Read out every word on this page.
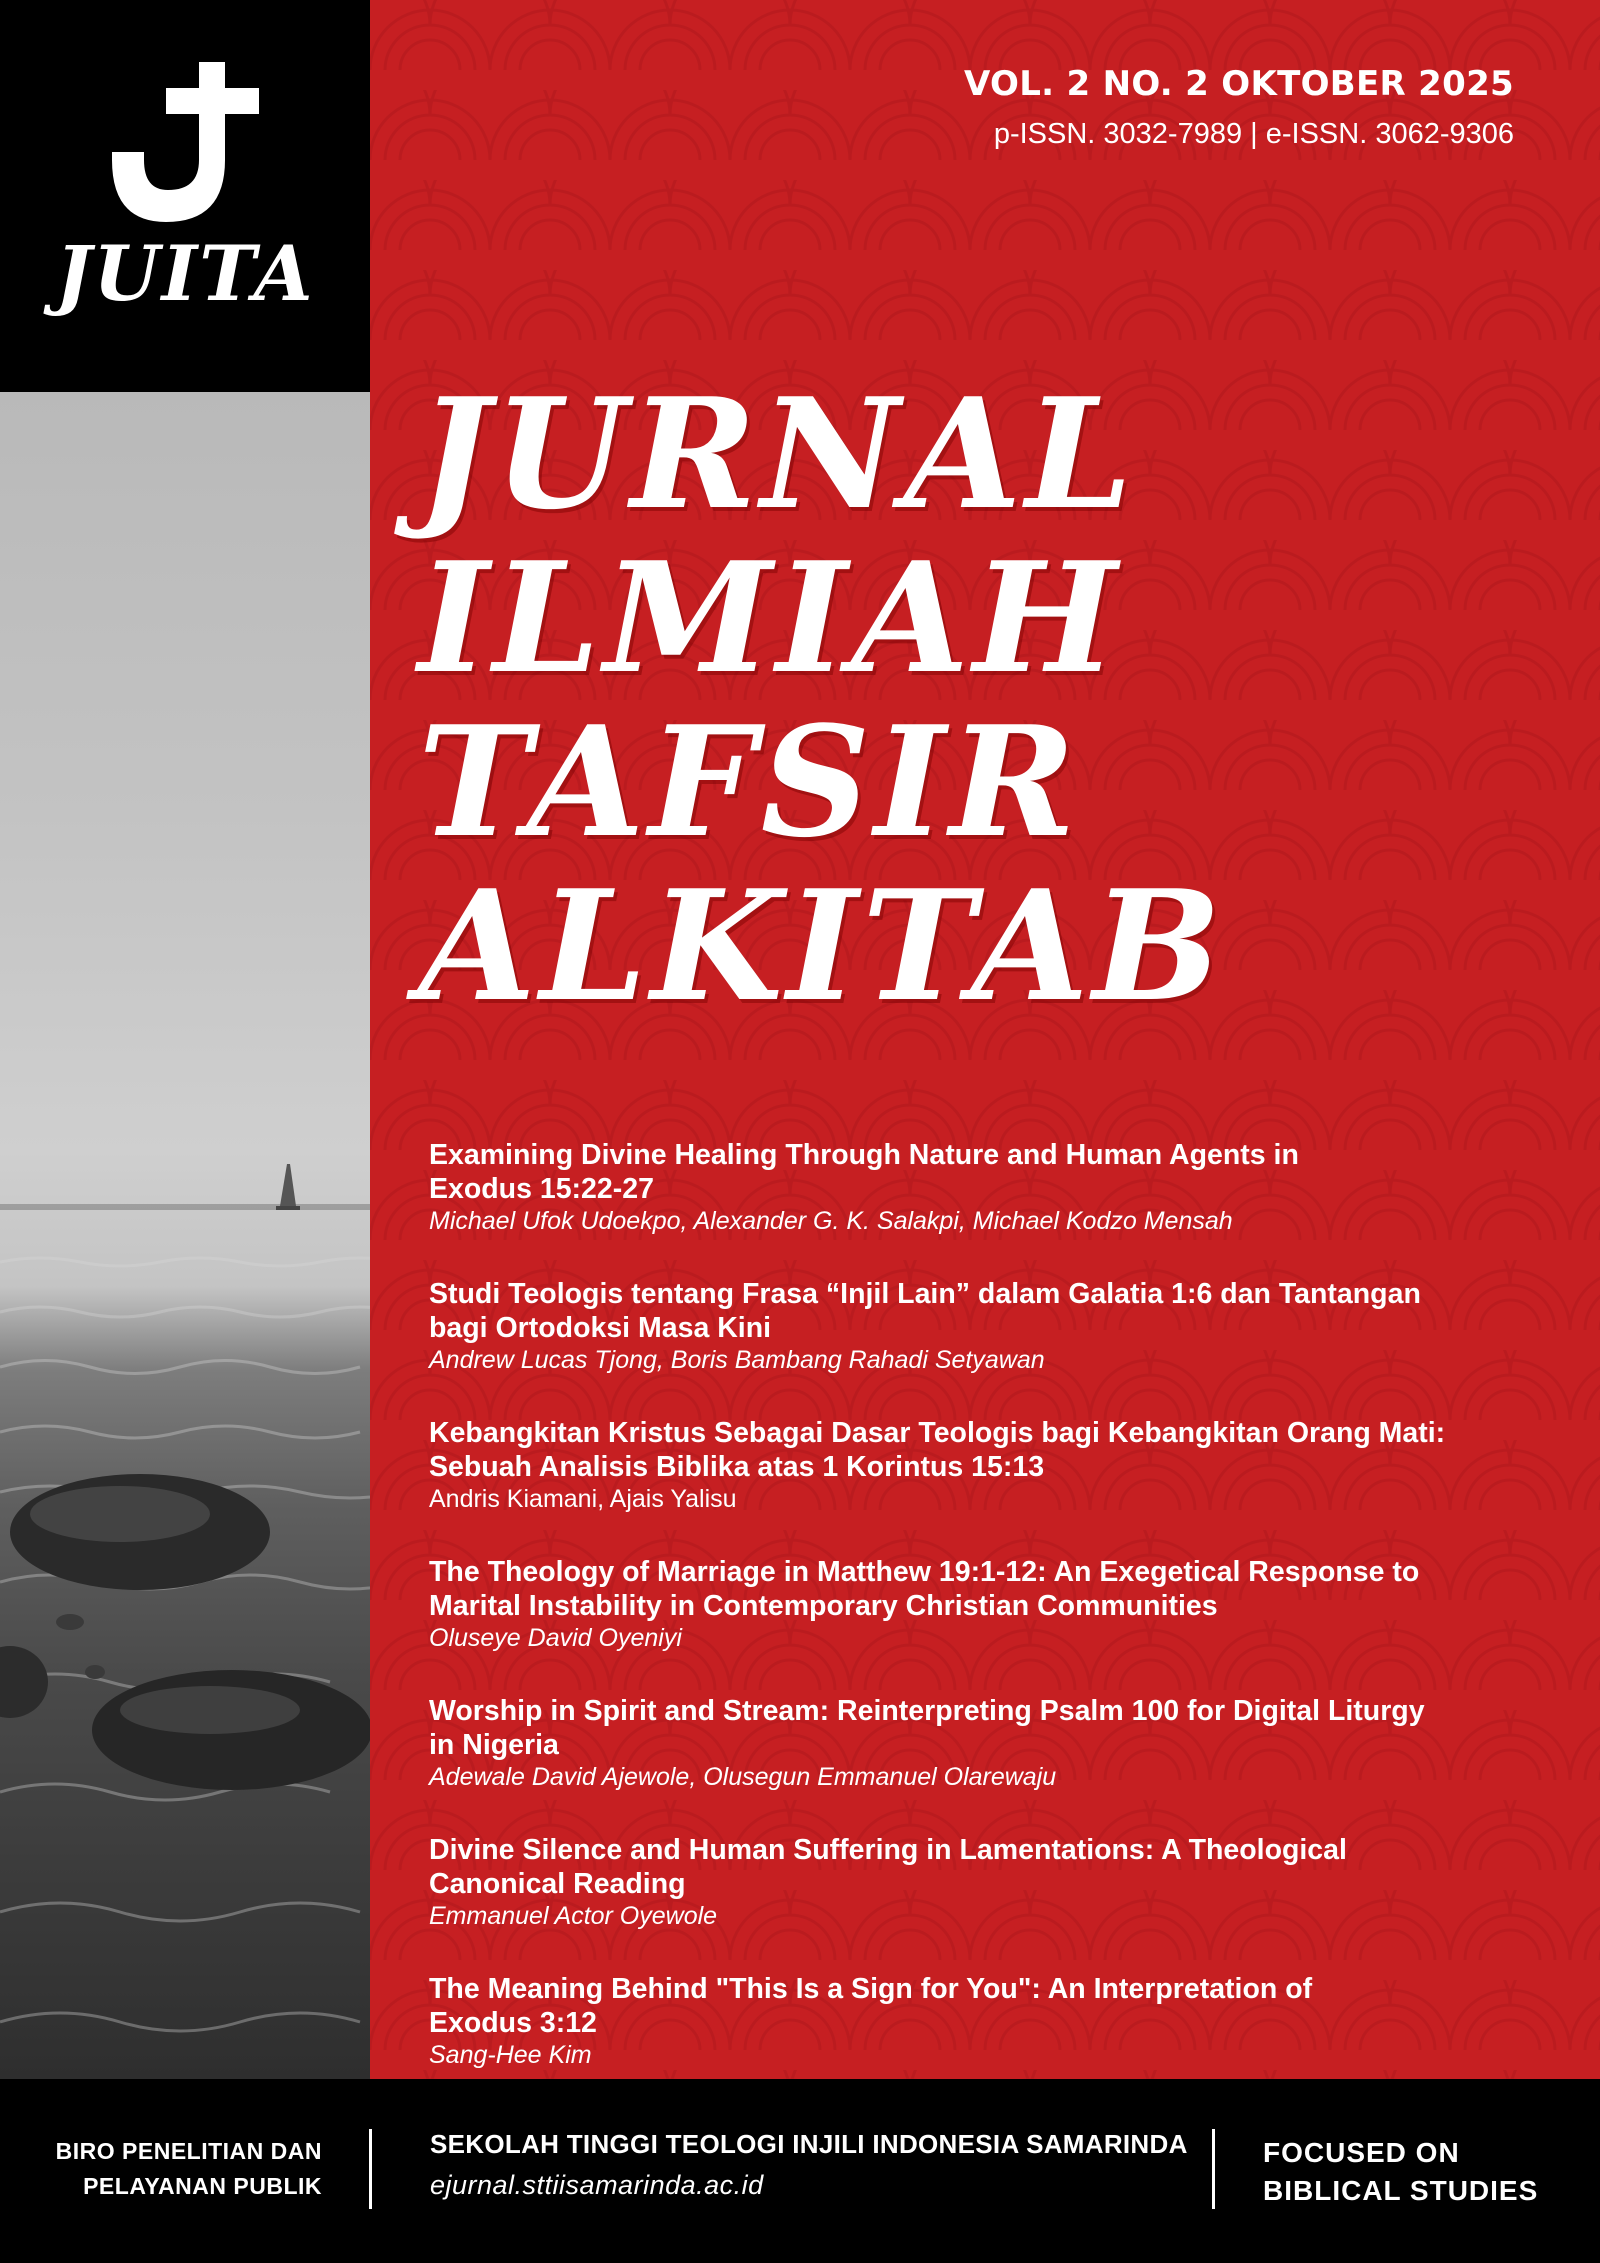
JUITA
VOL. 2 NO. 2 OKTOBER 2025
p-ISSN. 3032-7989 | e-ISSN. 3062-9306
JURNAL
ILMIAH
TAFSIR
ALKITAB
Examining Divine Healing Through Nature and Human Agents in
Exodus 15:22-27
Michael Ufok Udoekpo, Alexander G. K. Salakpi, Michael Kodzo Mensah
Studi Teologis tentang Frasa “Injil Lain” dalam Galatia 1:6 dan Tantangan
bagi Ortodoksi Masa Kini
Andrew Lucas Tjong, Boris Bambang Rahadi Setyawan
Kebangkitan Kristus Sebagai Dasar Teologis bagi Kebangkitan Orang Mati:
Sebuah Analisis Biblika atas 1 Korintus 15:13
Andris Kiamani, Ajais Yalisu
The Theology of Marriage in Matthew 19:1-12: An Exegetical Response to
Marital Instability in Contemporary Christian Communities
Oluseye David Oyeniyi
Worship in Spirit and Stream: Reinterpreting Psalm 100 for Digital Liturgy
in Nigeria
Adewale David Ajewole, Olusegun Emmanuel Olarewaju
Divine Silence and Human Suffering in Lamentations: A Theological
Canonical Reading
Emmanuel Actor Oyewole
The Meaning Behind "This Is a Sign for You": An Interpretation of
Exodus 3:12
Sang-Hee Kim
BIRO PENELITIAN DAN
PELAYANAN PUBLIK
SEKOLAH TINGGI TEOLOGI INJILI INDONESIA SAMARINDA
ejurnal.sttiisamarinda.ac.id
FOCUSED ON
BIBLICAL STUDIES
